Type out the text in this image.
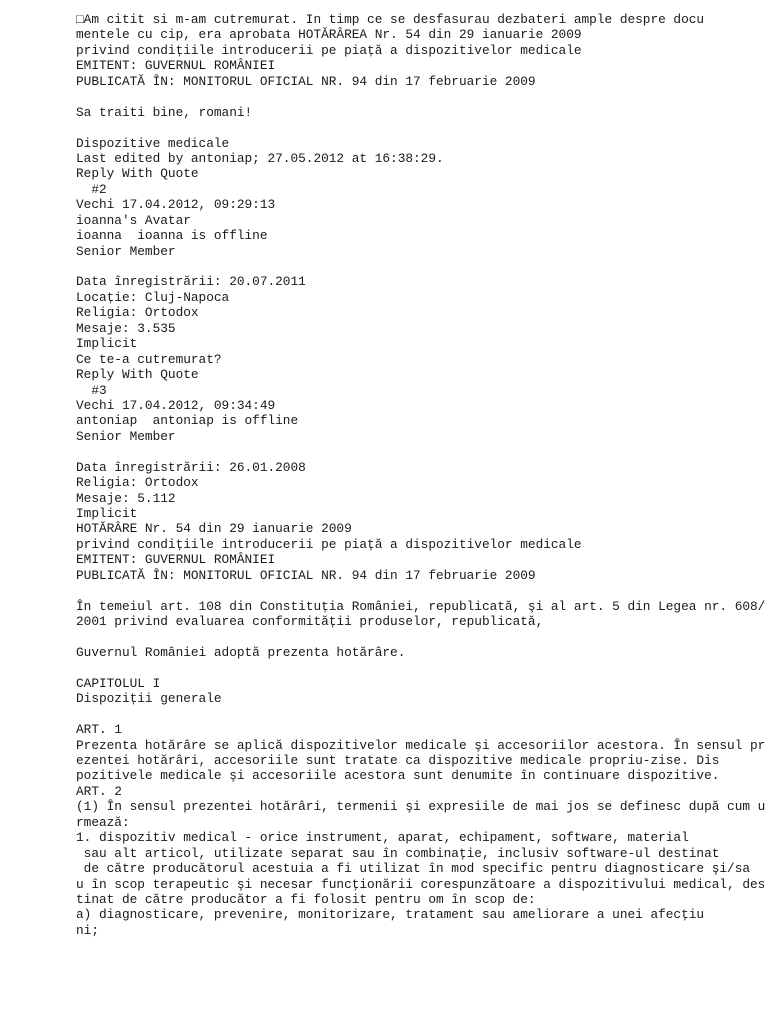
□Am citit si m-am cutremurat. In timp ce se desfasurau dezbateri ample despre docu
mentele cu cip, era aprobata HOTĂRÂREA Nr. 54 din 29 ianuarie 2009
privind condițiile introducerii pe piață a dispozitivelor medicale
EMITENT: GUVERNUL ROMÂNIEI
PUBLICATĂ ÎN: MONITORUL OFICIAL NR. 94 din 17 februarie 2009
Sa traiti bine, romani!
Dispozitive medicale
Last edited by antoniap; 27.05.2012 at 16:38:29.
Reply With Quote
#2
Vechi 17.04.2012, 09:29:13
ioanna's Avatar
ioanna  ioanna is offline
Senior Member
Data înregistrării: 20.07.2011
Locație: Cluj-Napoca
Religia: Ortodox
Mesaje: 3.535
Implicit
Ce te-a cutremurat?
Reply With Quote
#3
Vechi 17.04.2012, 09:34:49
antoniap  antoniap is offline
Senior Member
Data înregistrării: 26.01.2008
Religia: Ortodox
Mesaje: 5.112
Implicit
HOTĂRÂRE Nr. 54 din 29 ianuarie 2009
privind condițiile introducerii pe piață a dispozitivelor medicale
EMITENT: GUVERNUL ROMÂNIEI
PUBLICATĂ ÎN: MONITORUL OFICIAL NR. 94 din 17 februarie 2009
În temeiul art. 108 din Constituția României, republicată, şi al art. 5 din Legea nr. 608/
2001 privind evaluarea conformității produselor, republicată,
Guvernul României adoptă prezenta hotărâre.
CAPITOLUL I
Dispoziții generale
ART. 1
Prezenta hotărâre se aplică dispozitivelor medicale şi accesoriilor acestora. În sensul pr
ezentei hotărâri, accesoriile sunt tratate ca dispozitive medicale propriu-zise. Dis
pozitivele medicale şi accesoriile acestora sunt denumite în continuare dispozitive.
ART. 2
(1) În sensul prezentei hotărâri, termenii şi expresiile de mai jos se definesc după cum u
rmează:
1. dispozitiv medical - orice instrument, aparat, echipament, software, material
sau alt articol, utilizate separat sau în combinaţie, inclusiv software-ul destinat
de către producătorul acestuia a fi utilizat în mod specific pentru diagnosticare şi/sa
u în scop terapeutic şi necesar funcţionării corespunzătoare a dispozitivului medical, des
tinat de către producător a fi folosit pentru om în scop de:
a) diagnosticare, prevenire, monitorizare, tratament sau ameliorare a unei afecţiu
ni;
